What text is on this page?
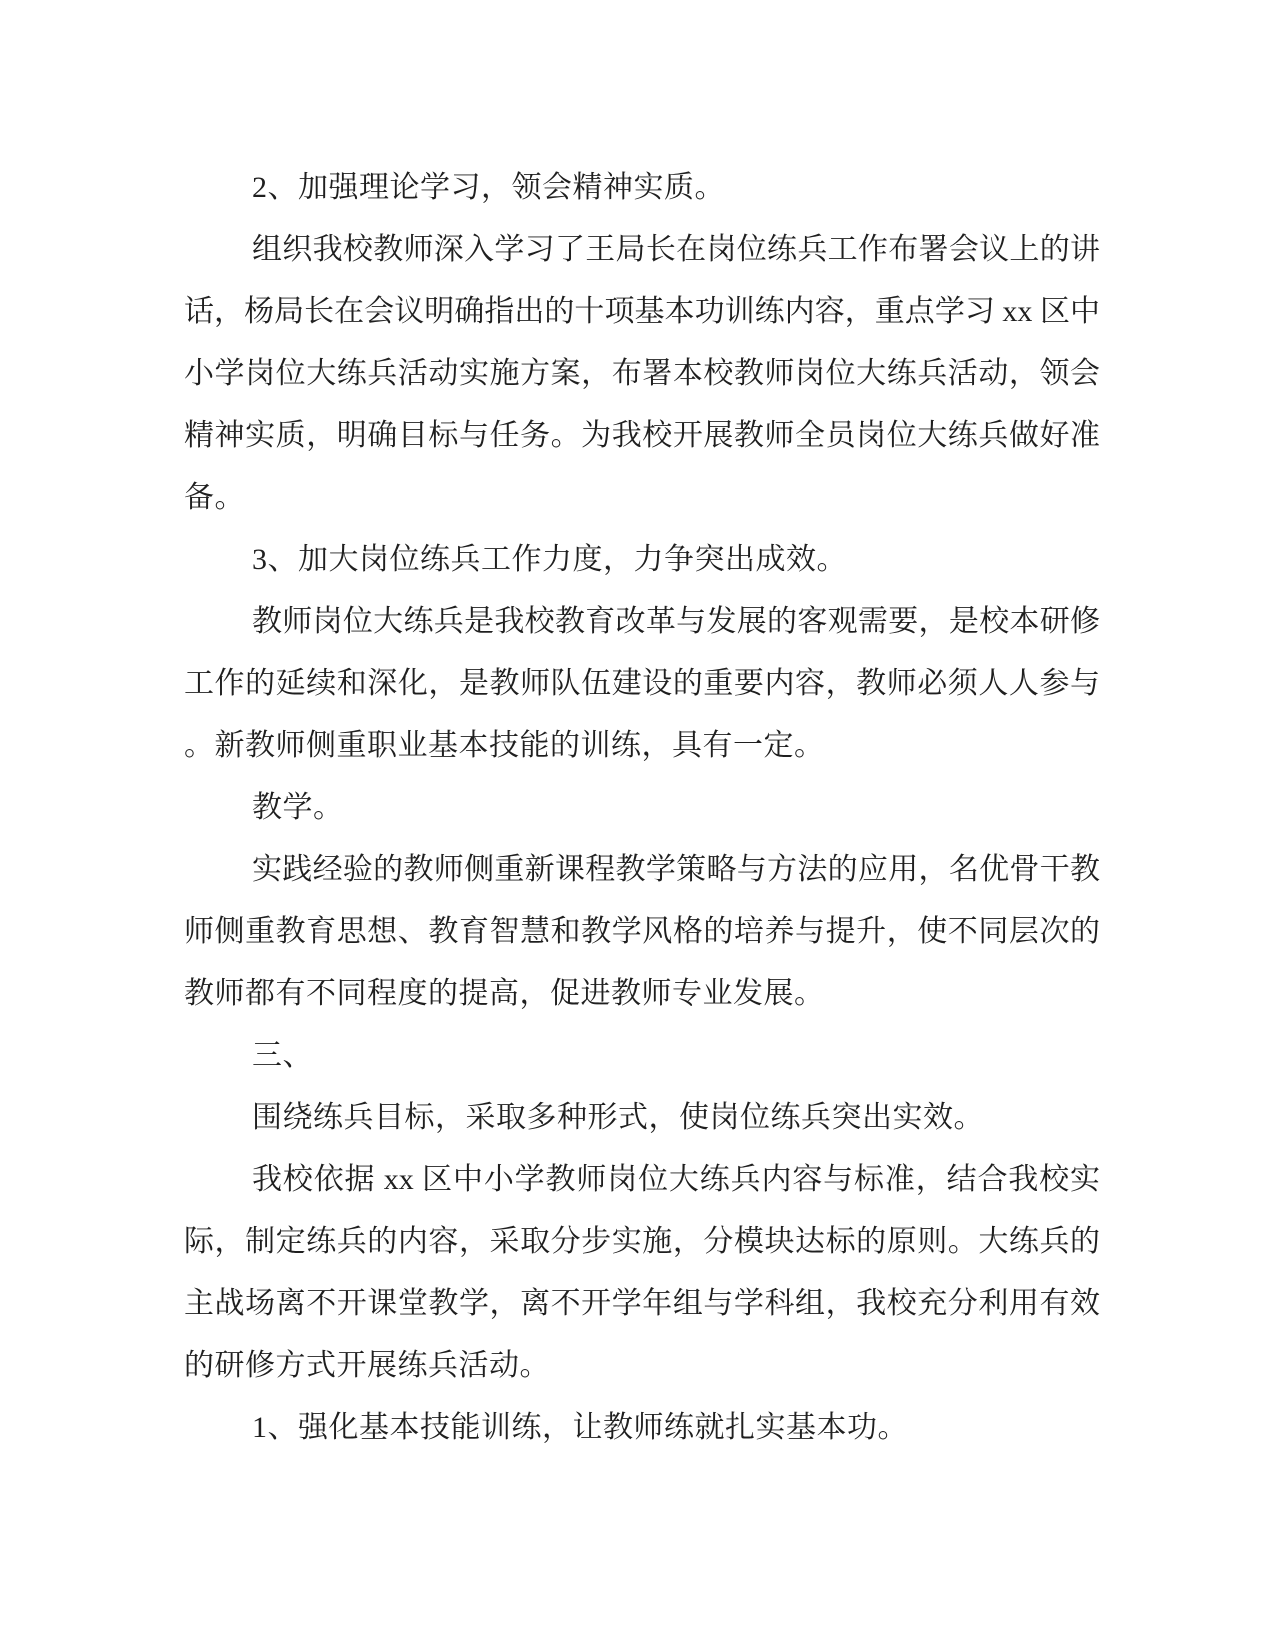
2、加强理论学习，领会精神实质。
组织我校教师深入学习了王局长在岗位练兵工作布署会议上的讲
话，杨局长在会议明确指出的十项基本功训练内容，重点学习 xx 区中
小学岗位大练兵活动实施方案，布署本校教师岗位大练兵活动，领会
精神实质，明确目标与任务。为我校开展教师全员岗位大练兵做好准
备。
3、加大岗位练兵工作力度，力争突出成效。
教师岗位大练兵是我校教育改革与发展的客观需要，是校本研修
工作的延续和深化，是教师队伍建设的重要内容，教师必须人人参与
。新教师侧重职业基本技能的训练，具有一定。
教学。
实践经验的教师侧重新课程教学策略与方法的应用，名优骨干教
师侧重教育思想、教育智慧和教学风格的培养与提升，使不同层次的
教师都有不同程度的提高，促进教师专业发展。
三、
围绕练兵目标，采取多种形式，使岗位练兵突出实效。
我校依据 xx 区中小学教师岗位大练兵内容与标准，结合我校实
际，制定练兵的内容，采取分步实施，分模块达标的原则。大练兵的
主战场离不开课堂教学，离不开学年组与学科组，我校充分利用有效
的研修方式开展练兵活动。
1、强化基本技能训练，让教师练就扎实基本功。
